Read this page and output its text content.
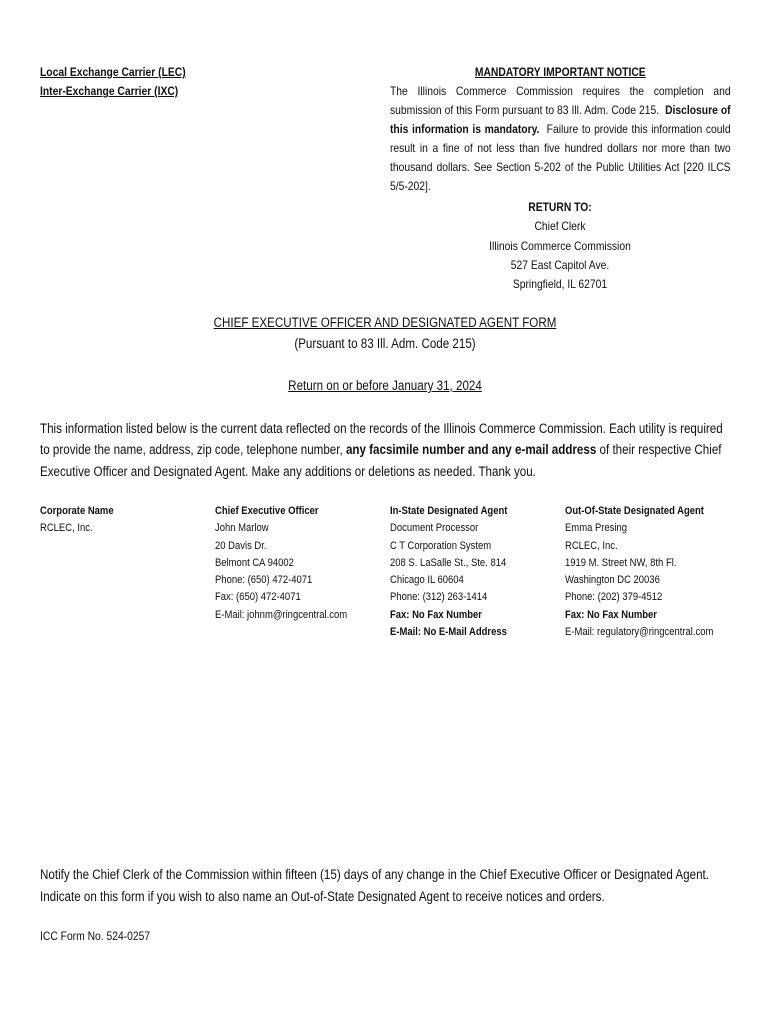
Local Exchange Carrier (LEC)
Inter-Exchange Carrier (IXC)
MANDATORY IMPORTANT NOTICE
The Illinois Commerce Commission requires the completion and submission of this Form pursuant to 83 Ill. Adm. Code 215. Disclosure of this information is mandatory. Failure to provide this information could result in a fine of not less than five hundred dollars nor more than two thousand dollars. See Section 5-202 of the Public Utilities Act [220 ILCS 5/5-202].
RETURN TO:
Chief Clerk
Illinois Commerce Commission
527 East Capitol Ave.
Springfield, IL 62701
CHIEF EXECUTIVE OFFICER AND DESIGNATED AGENT FORM
(Pursuant to 83 Ill. Adm. Code 215)
Return on or before January 31, 2024
This information listed below is the current data reflected on the records of the Illinois Commerce Commission. Each utility is required to provide the name, address, zip code, telephone number, any facsimile number and any e-mail address of their respective Chief Executive Officer and Designated Agent. Make any additions or deletions as needed. Thank you.
Corporate Name
RCLEC, Inc.
Chief Executive Officer
John Marlow
20 Davis Dr.
Belmont CA 94002
Phone: (650) 472-4071
Fax: (650) 472-4071
E-Mail: johnm@ringcentral.com
In-State Designated Agent
Document Processor
C T Corporation System
208 S. LaSalle St., Ste. 814
Chicago IL 60604
Phone: (312) 263-1414
Fax: No Fax Number
E-Mail: No E-Mail Address
Out-Of-State Designated Agent
Emma Presing
RCLEC, Inc.
1919 M. Street NW, 8th Fl.
Washington DC 20036
Phone: (202) 379-4512
Fax: No Fax Number
E-Mail: regulatory@ringcentral.com
Notify the Chief Clerk of the Commission within fifteen (15) days of any change in the Chief Executive Officer or Designated Agent.
Indicate on this form if you wish to also name an Out-of-State Designated Agent to receive notices and orders.
ICC Form No. 524-0257
